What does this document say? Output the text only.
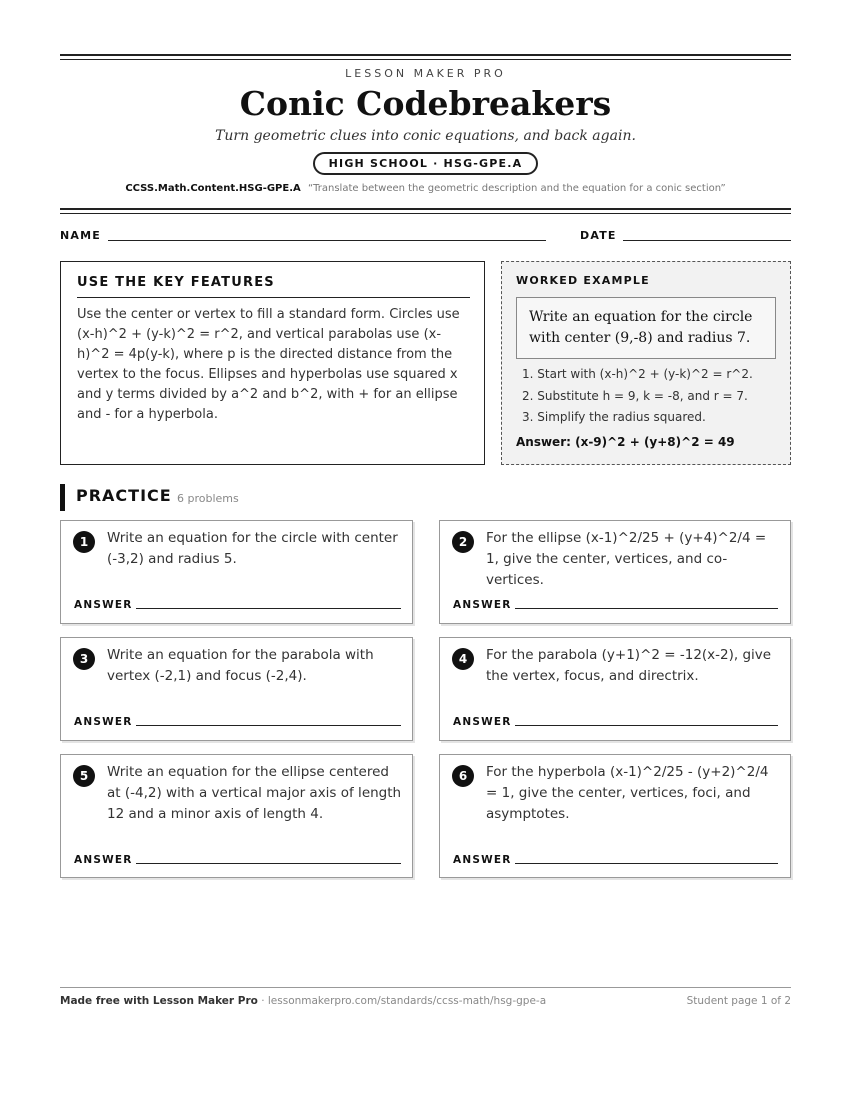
LESSON MAKER PRO
Conic Codebreakers
Turn geometric clues into conic equations, and back again.
HIGH SCHOOL · HSG-GPE.A
CCSS.Math.Content.HSG-GPE.A “Translate between the geometric description and the equation for a conic section”
NAME	DATE
USE THE KEY FEATURES
Use the center or vertex to fill a standard form. Circles use (x-h)^2 + (y-k)^2 = r^2, and vertical parabolas use (x-h)^2 = 4p(y-k), where p is the directed distance from the vertex to the focus. Ellipses and hyperbolas use squared x and y terms divided by a^2 and b^2, with + for an ellipse and - for a hyperbola.
WORKED EXAMPLE
Write an equation for the circle with center (9,-8) and radius 7.
1. Start with (x-h)^2 + (y-k)^2 = r^2.
2. Substitute h = 9, k = -8, and r = 7.
3. Simplify the radius squared.
Answer: (x-9)^2 + (y+8)^2 = 49
PRACTICE 6 problems
1	Write an equation for the circle with center (-3,2) and radius 5.
ANSWER
2	For the ellipse (x-1)^2/25 + (y+4)^2/4 = 1, give the center, vertices, and co-vertices.
ANSWER
3	Write an equation for the parabola with vertex (-2,1) and focus (-2,4).
ANSWER
4	For the parabola (y+1)^2 = -12(x-2), give the vertex, focus, and directrix.
ANSWER
5	Write an equation for the ellipse centered at (-4,2) with a vertical major axis of length 12 and a minor axis of length 4.
ANSWER
6	For the hyperbola (x-1)^2/25 - (y+2)^2/4 = 1, give the center, vertices, foci, and asymptotes.
ANSWER
Made free with Lesson Maker Pro · lessonmakerpro.com/standards/ccss-math/hsg-gpe-a	Student page 1 of 2
